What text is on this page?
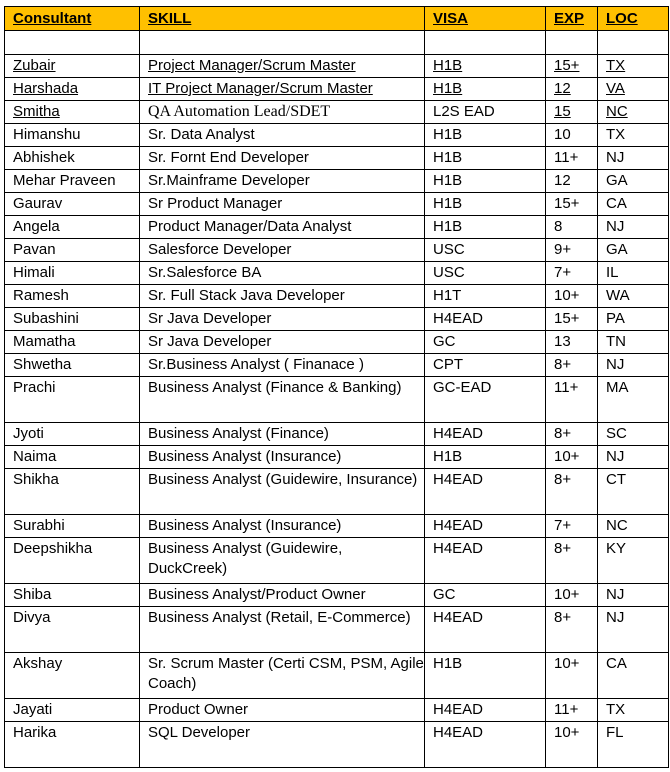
Consultant	SKILL	VISA	EXP	LOC

Zubair	Project Manager/Scrum Master	H1B	15+	TX
Harshada	IT Project Manager/Scrum Master	H1B	12	VA
Smitha	QA Automation Lead/SDET	L2S EAD	15	NC
Himanshu	Sr. Data Analyst	H1B	10	TX
Abhishek	Sr. Fornt End Developer	H1B	11+	NJ
Mehar Praveen	Sr.Mainframe Developer	H1B	12	GA
Gaurav	Sr Product Manager	H1B	15+	CA
Angela	Product Manager/Data Analyst	H1B	8	NJ
Pavan	Salesforce Developer	USC	9+	GA
Himali	Sr.Salesforce BA	USC	7+	IL
Ramesh	Sr. Full Stack Java Developer	H1T	10+	WA
Subashini	Sr Java Developer	H4EAD	15+	PA
Mamatha	Sr Java Developer	GC	13	TN
Shwetha	Sr.Business Analyst ( Finanace )	CPT	8+	NJ
Prachi	Business Analyst (Finance & Banking)	GC-EAD	11+	MA
Jyoti	Business Analyst (Finance)	H4EAD	8+	SC
Naima	Business Analyst (Insurance)	H1B	10+	NJ
Shikha	Business Analyst (Guidewire, Insurance)	H4EAD	8+	CT
Surabhi	Business Analyst (Insurance)	H4EAD	7+	NC
Deepshikha	Business Analyst (Guidewire, DuckCreek)	H4EAD	8+	KY
Shiba	Business Analyst/Product Owner	GC	10+	NJ
Divya	Business Analyst (Retail, E-Commerce)	H4EAD	8+	NJ
Akshay	Sr. Scrum Master (Certi CSM, PSM, Agile Coach)	H1B	10+	CA
Jayati	Product Owner	H4EAD	11+	TX
Harika	SQL Developer	H4EAD	10+	FL
